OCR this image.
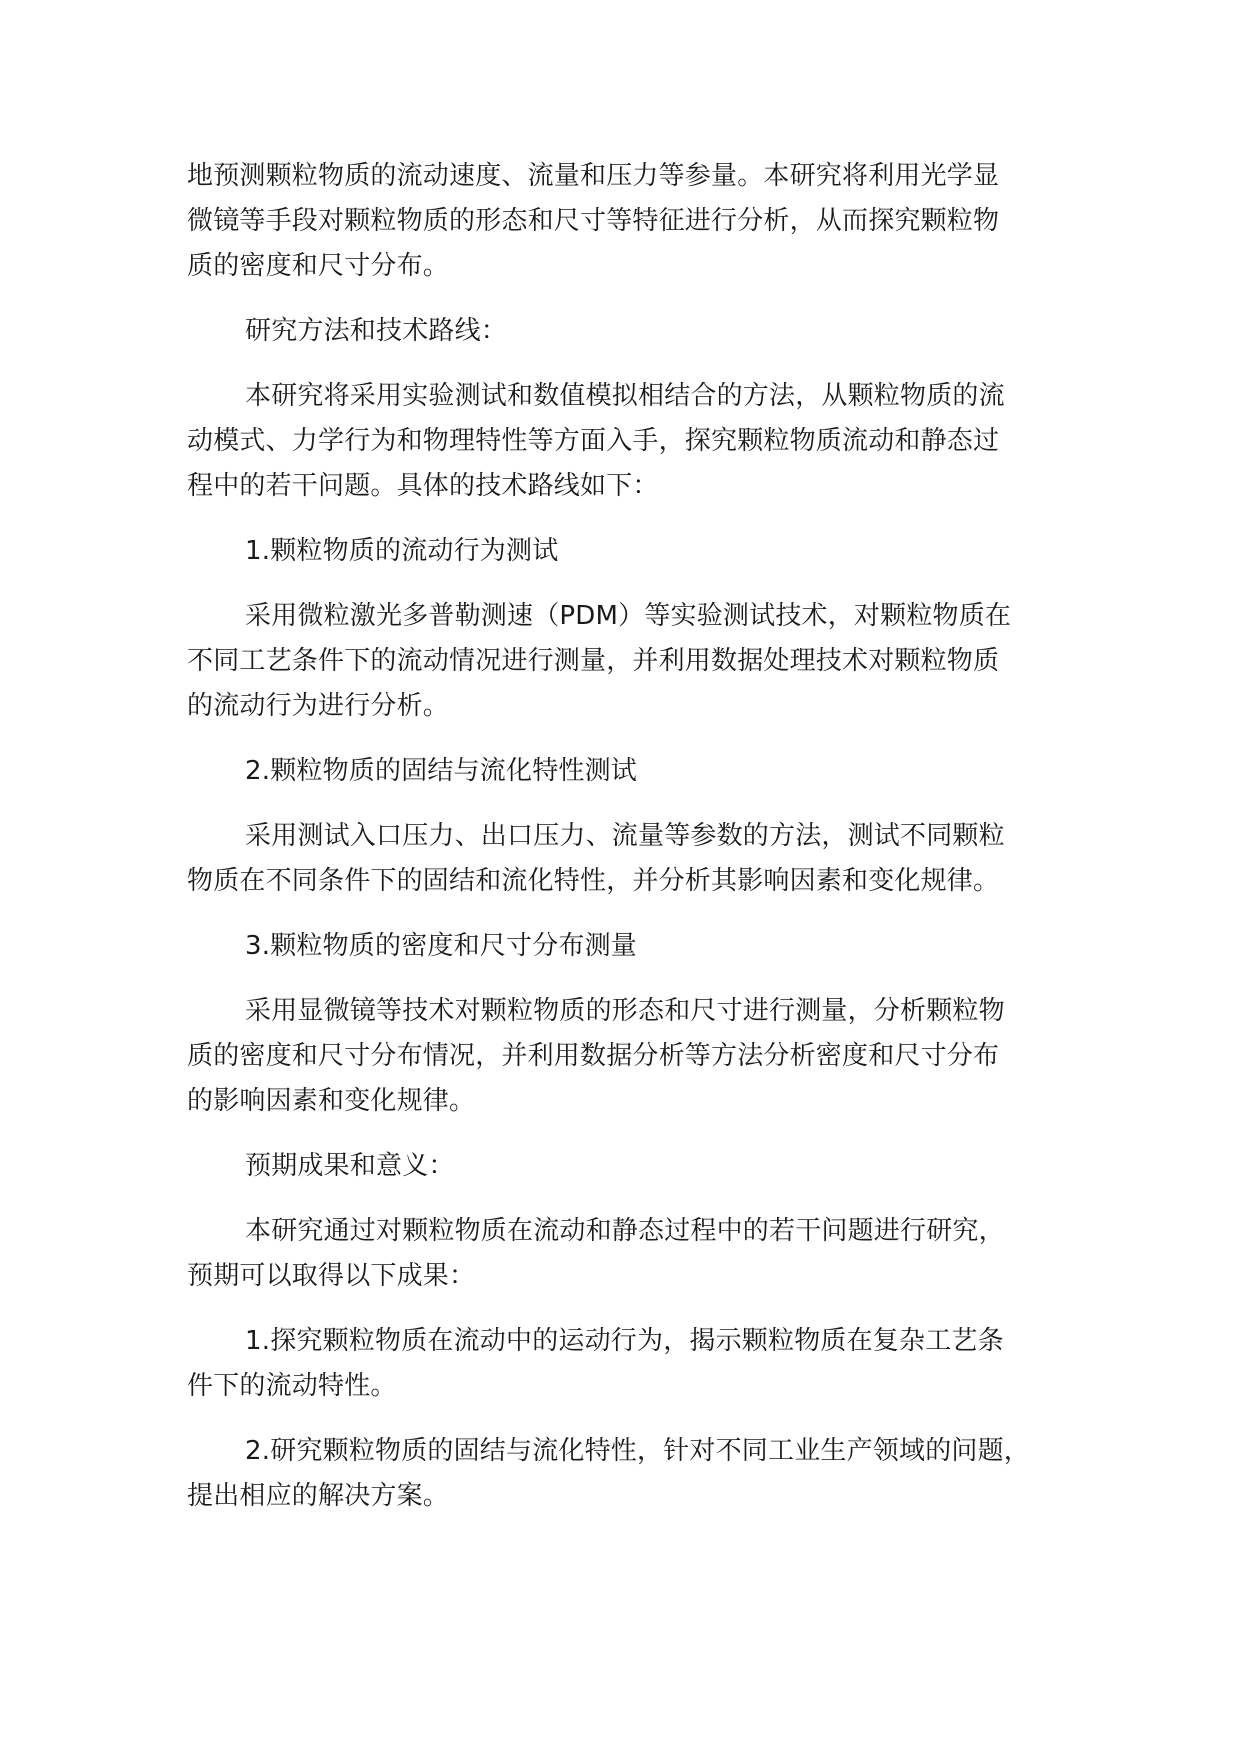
地预测颗粒物质的流动速度、流量和压力等参量。本研究将利用光学显
微镜等手段对颗粒物质的形态和尺寸等特征进行分析，从而探究颗粒物
质的密度和尺寸分布。

研究方法和技术路线：

本研究将采用实验测试和数值模拟相结合的方法，从颗粒物质的流
动模式、力学行为和物理特性等方面入手，探究颗粒物质流动和静态过
程中的若干问题。具体的技术路线如下：

1.颗粒物质的流动行为测试

采用微粒激光多普勒测速（PDM）等实验测试技术，对颗粒物质在
不同工艺条件下的流动情况进行测量，并利用数据处理技术对颗粒物质
的流动行为进行分析。

2.颗粒物质的固结与流化特性测试

采用测试入口压力、出口压力、流量等参数的方法，测试不同颗粒
物质在不同条件下的固结和流化特性，并分析其影响因素和变化规律。

3.颗粒物质的密度和尺寸分布测量

采用显微镜等技术对颗粒物质的形态和尺寸进行测量，分析颗粒物
质的密度和尺寸分布情况，并利用数据分析等方法分析密度和尺寸分布
的影响因素和变化规律。

预期成果和意义：

本研究通过对颗粒物质在流动和静态过程中的若干问题进行研究，
预期可以取得以下成果：

1.探究颗粒物质在流动中的运动行为，揭示颗粒物质在复杂工艺条
件下的流动特性。

2.研究颗粒物质的固结与流化特性，针对不同工业生产领域的问题，
提出相应的解决方案。
